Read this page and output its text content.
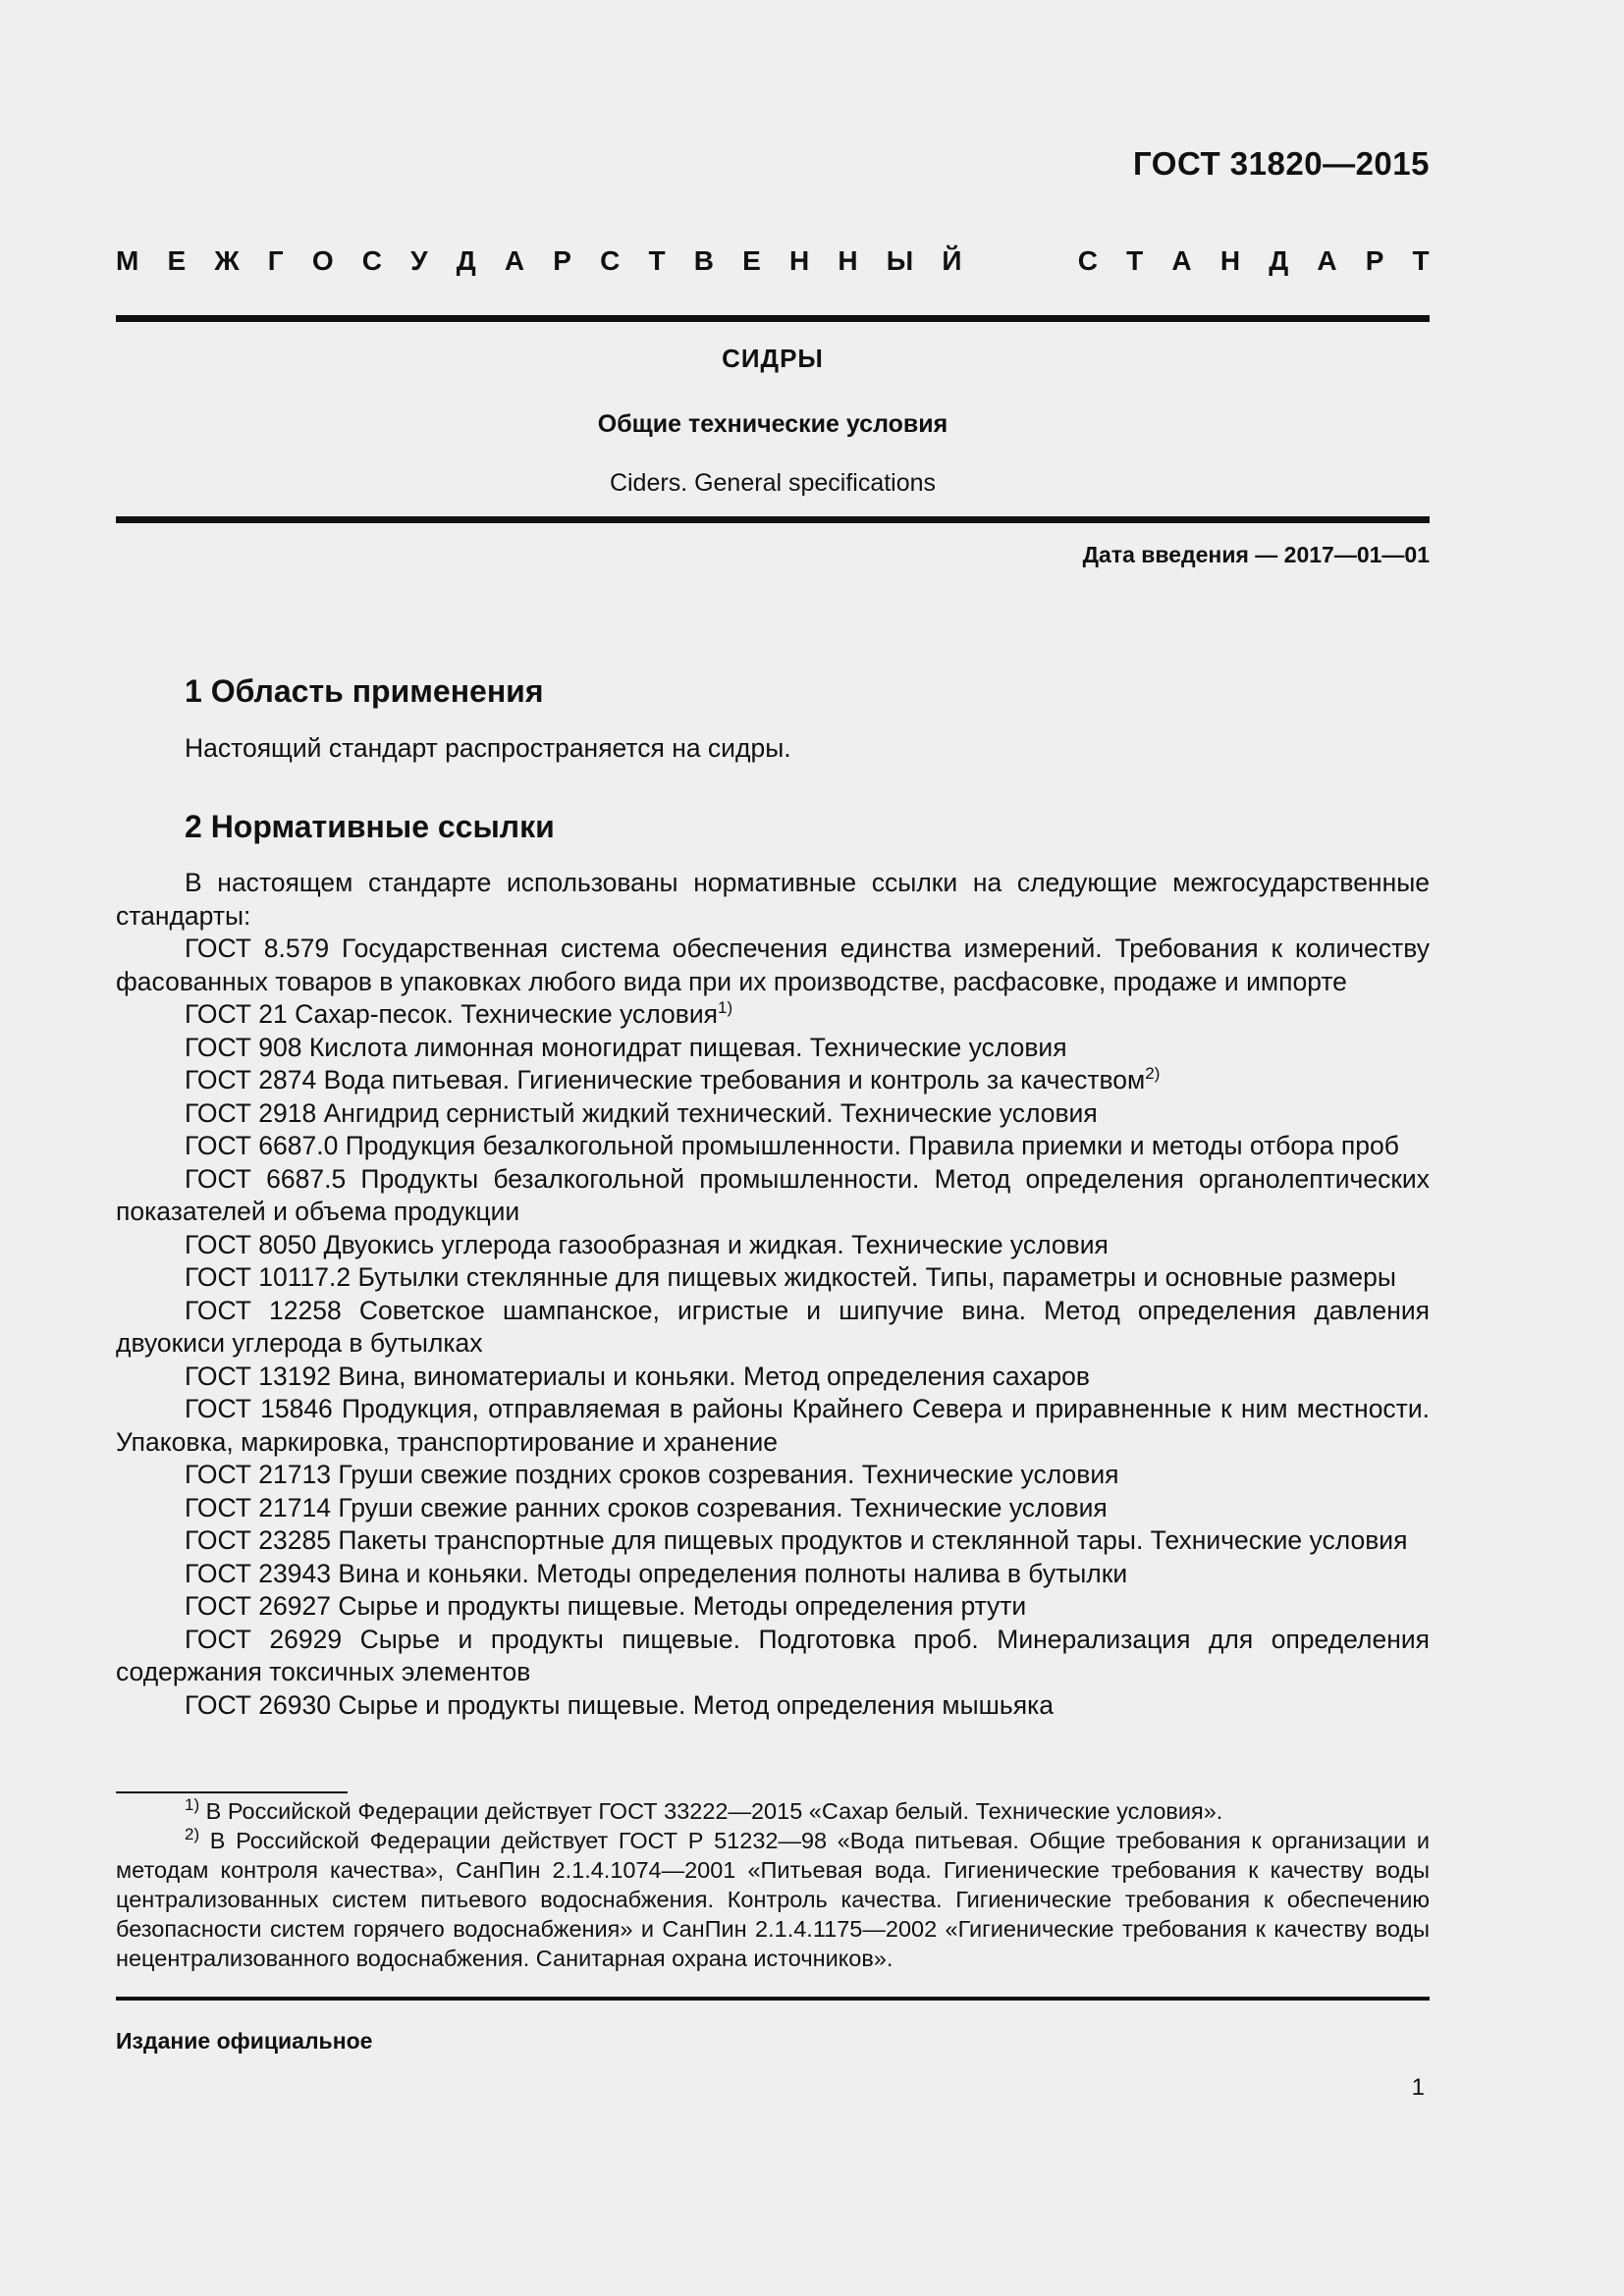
ГОСТ 31820—2015
М Е Ж Г О С У Д А Р С Т В Е Н Н Ы Й	С Т А Н Д А Р Т
СИДРЫ
Общие технические условия
Ciders. General specifications
Дата введения — 2017—01—01
1 Область применения

Настоящий стандарт распространяется на сидры.

2 Нормативные ссылки

В настоящем стандарте использованы нормативные ссылки на следующие межгосударственные стандарты:

ГОСТ 8.579 Государственная система обеспечения единства измерений. Требования к количеству фасованных товаров в упаковках любого вида при их производстве, расфасовке, продаже и импорте

ГОСТ 21 Сахар-песок. Технические условия$^{1)}$

ГОСТ 908 Кислота лимонная моногидрат пищевая. Технические условия

ГОСТ 2874 Вода питьевая. Гигиенические требования и контроль за качеством$^{2)}$

ГОСТ 2918 Ангидрид сернистый жидкий технический. Технические условия

ГОСТ 6687.0 Продукция безалкогольной промышленности. Правила приемки и методы отбора проб

ГОСТ 6687.5 Продукты безалкогольной промышленности. Метод определения органолептических показателей и объема продукции

ГОСТ 8050 Двуокись углерода газообразная и жидкая. Технические условия

ГОСТ 10117.2 Бутылки стеклянные для пищевых жидкостей. Типы, параметры и основные размеры

ГОСТ 12258 Советское шампанское, игристые и шипучие вина. Метод определения давления двуокиси углерода в бутылках

ГОСТ 13192 Вина, виноматериалы и коньяки. Метод определения сахаров

ГОСТ 15846 Продукция, отправляемая в районы Крайнего Севера и приравненные к ним местности. Упаковка, маркировка, транспортирование и хранение

ГОСТ 21713 Груши свежие поздних сроков созревания. Технические условия

ГОСТ 21714 Груши свежие ранних сроков созревания. Технические условия

ГОСТ 23285 Пакеты транспортные для пищевых продуктов и стеклянной тары. Технические условия

ГОСТ 23943 Вина и коньяки. Методы определения полноты налива в бутылки

ГОСТ 26927 Сырье и продукты пищевые. Методы определения ртути

ГОСТ 26929 Сырье и продукты пищевые. Подготовка проб. Минерализация для определения содержания токсичных элементов

ГОСТ 26930 Сырье и продукты пищевые. Метод определения мышьяка

$^{1)}$ В Российской Федерации действует ГОСТ 33222—2015 «Сахар белый. Технические условия».

$^{2)}$ В Российской Федерации действует ГОСТ Р 51232—98 «Вода питьевая. Общие требования к организации и методам контроля качества», СанПин 2.1.4.1074—2001 «Питьевая вода. Гигиенические требования к качеству воды централизованных систем питьевого водоснабжения. Контроль качества. Гигиенические требования к обеспечению безопасности систем горячего водоснабжения» и СанПин 2.1.4.1175—2002 «Гигиенические требования к качеству воды нецентрализованного водоснабжения. Санитарная охрана источников».

Издание официальное
1
